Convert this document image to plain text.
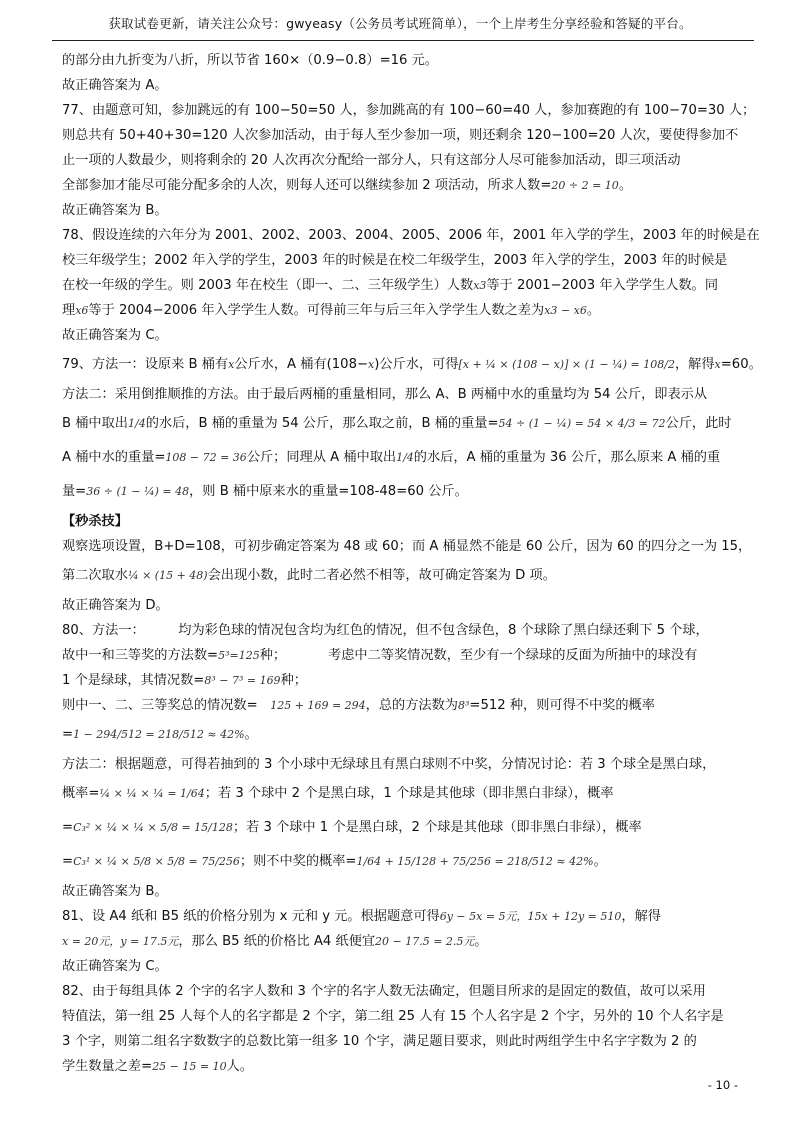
获取试卷更新，请关注公众号：gwyeasy（公务员考试班简单），一个上岸考生分享经验和答疑的平台。
的部分由九折变为八折，所以节省 160×（0.9−0.8）=16 元。
故正确答案为 A。
77、由题意可知，参加跳远的有 100−50=50 人，参加跳高的有 100−60=40 人，参加赛跑的有 100−70=30 人；
则总共有 50+40+30=120 人次参加活动，由于每人至少参加一项，则还剩余 120−100=20 人次，要使得参加不
止一项的人数最少，则将剩余的 20 人次再次分配给一部分人，只有这部分人尽可能参加活动，即三项活动
全部参加才能尽可能分配多余的人次，则每人还可以继续参加 2 项活动，所求人数=20 ÷ 2 = 10。
故正确答案为 B。
78、假设连续的六年分为 2001、2002、2003、2004、2005、2006 年，2001 年入学的学生，2003 年的时候是在
校三年级学生；2002 年入学的学生，2003 年的时候是在校二年级学生，2003 年入学的学生，2003 年的时候是
在校一年级的学生。则 2003 年在校生（即一、二、三年级学生）人数x3等于 2001−2003 年入学学生人数。同
理x6等于 2004−2006 年入学学生人数。可得前三年与后三年入学学生人数之差为x3 − x6。
故正确答案为 C。
79、方法一：设原来 B 桶有x公斤水，A 桶有(108−x)公斤水，可得[x + ¼ × (108 − x)] × (1 − ¼) = 108/2，解得x=60。
方法二：采用倒推顺推的方法。由于最后两桶的重量相同，那么 A、B 两桶中水的重量均为 54 公斤，即表示从
B 桶中取出1/4的水后，B 桶的重量为 54 公斤，那么取之前，B 桶的重量=54 ÷ (1 − ¼) = 54 × 4/3 = 72公斤，此时
A 桶中水的重量=108 − 72 = 36公斤；同理从 A 桶中取出1/4的水后，A 桶的重量为 36 公斤，那么原来 A 桶的重
量=36 ÷ (1 − ¼) = 48，则 B 桶中原来水的重量=108-48=60 公斤。
【秒杀技】
观察选项设置，B+D=108，可初步确定答案为 48 或 60；而 A 桶显然不能是 60 公斤，因为 60 的四分之一为 15，
第二次取水¼ × (15 + 48)会出现小数，此时二者必然不相等，故可确定答案为 D 项。
故正确答案为 D。
80、方法一：        均为彩色球的情况包含均为红色的情况，但不包含绿色，8 个球除了黑白绿还剩下 5 个球，
故中一和三等奖的方法数=5³=125种；          考虑中二等奖情况数，至少有一个绿球的反面为所抽中的球没有
1 个是绿球，其情况数=8³ − 7³ = 169种；
则中一、二、三等奖总的情况数=   125 + 169 = 294，总的方法数为8³=512 种，则可得不中奖的概率
=1 − 294/512 = 218/512 ≈ 42%。
方法二：根据题意，可得若抽到的 3 个小球中无绿球且有黑白球则不中奖，分情况讨论：若 3 个球全是黑白球，
概率=¼ × ¼ × ¼ = 1/64；若 3 个球中 2 个是黑白球，1 个球是其他球（即非黑白非绿），概率
=C₃² × ¼ × ¼ × 5/8 = 15/128；若 3 个球中 1 个是黑白球，2 个球是其他球（即非黑白非绿），概率
=C₃¹ × ¼ × 5/8 × 5/8 = 75/256；则不中奖的概率=1/64 + 15/128 + 75/256 = 218/512 ≈ 42%。
故正确答案为 B。
81、设 A4 纸和 B5 纸的价格分别为 x 元和 y 元。根据题意可得6y − 5x = 5元，15x + 12y = 510，解得
x = 20元，y = 17.5元，那么 B5 纸的价格比 A4 纸便宜20 − 17.5 = 2.5元。
故正确答案为 C。
82、由于每组具体 2 个字的名字人数和 3 个字的名字人数无法确定，但题目所求的是固定的数值，故可以采用
特值法，第一组 25 人每个人的名字都是 2 个字，第二组 25 人有 15 个人名字是 2 个字，另外的 10 个人名字是
3 个字，则第二组名字数数字的总数比第一组多 10 个字，满足题目要求，则此时两组学生中名字字数为 2 的
学生数量之差=25 − 15 = 10人。
- 10 -
